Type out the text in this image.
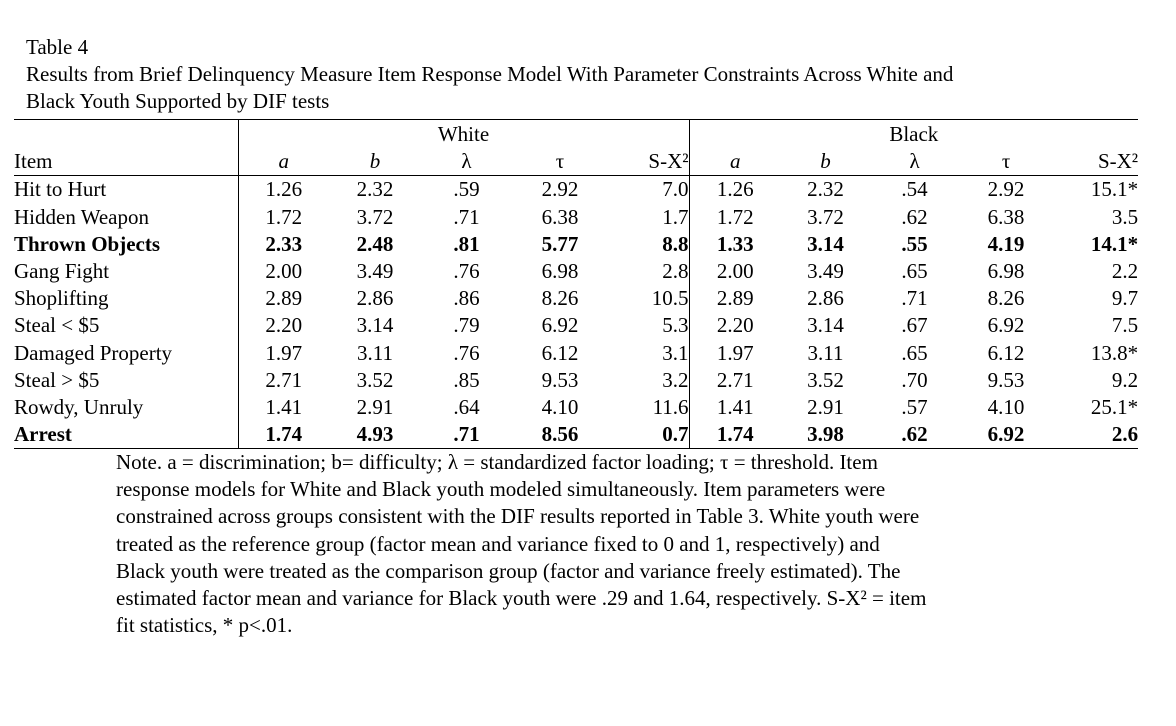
Table 4
Results from Brief Delinquency Measure Item Response Model With Parameter Constraints Across White and
Black Youth Supported by DIF tests
	White					Black				
Item	a	b	λ	τ	S-X²	a	b	λ	τ	S-X²
Hit to Hurt	1.26	2.32	.59	2.92	7.0	1.26	2.32	.54	2.92	15.1*
Hidden Weapon	1.72	3.72	.71	6.38	1.7	1.72	3.72	.62	6.38	3.5
Thrown Objects	2.33	2.48	.81	5.77	8.8	1.33	3.14	.55	4.19	14.1*
Gang Fight	2.00	3.49	.76	6.98	2.8	2.00	3.49	.65	6.98	2.2
Shoplifting	2.89	2.86	.86	8.26	10.5	2.89	2.86	.71	8.26	9.7
Steal < $5	2.20	3.14	.79	6.92	5.3	2.20	3.14	.67	6.92	7.5
Damaged Property	1.97	3.11	.76	6.12	3.1	1.97	3.11	.65	6.12	13.8*
Steal > $5	2.71	3.52	.85	9.53	3.2	2.71	3.52	.70	9.53	9.2
Rowdy, Unruly	1.41	2.91	.64	4.10	11.6	1.41	2.91	.57	4.10	25.1*
Arrest	1.74	4.93	.71	8.56	0.7	1.74	3.98	.62	6.92	2.6
Note. a = discrimination; b= difficulty; λ = standardized factor loading; τ = threshold. Item
response models for White and Black youth modeled simultaneously. Item parameters were
constrained across groups consistent with the DIF results reported in Table 3. White youth were
treated as the reference group (factor mean and variance fixed to 0 and 1, respectively) and
Black youth were treated as the comparison group (factor and variance freely estimated). The
estimated factor mean and variance for Black youth were .29 and 1.64, respectively. S-X² = item
fit statistics, * p<.01.
